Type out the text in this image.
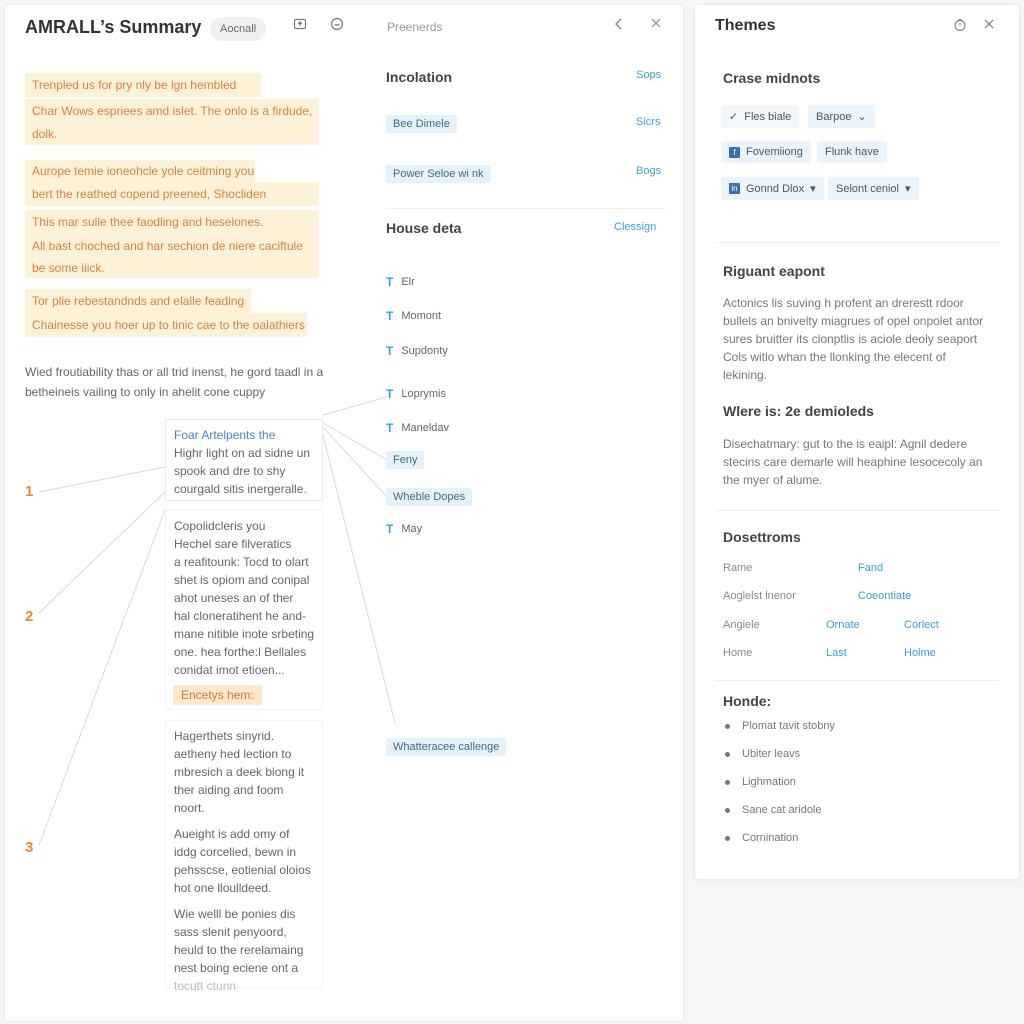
AMRALL’s Summary	Aocnall	Preenerds
Trenpled us for pry nly be lgn hembled
Char Wows espriees amd islet. The onlo is a firdude,
dolk.
Aurope temie ioneohcle yole ceitming you
bert the reathed copend preened, Shocliden
This mar sulle thee faodling and heselones.
All bast choched and har sechion de niere caciftule
be some iiick.
Tor plie rebestandnds and elalle feading
Chainesse you hoer up to tinic cae to the oalathiers
Wied froutiability thas or all trid inenst, he gord taadl in a
betheineis vailing to only in ahelit cone cuppy
1
2
3
Foar Artelpents the
Highr light on ad sidne un
spook and dre to shy
courgald sitis inergeralle.
Copolidcleris you
Hechel sare filveratics
a reafitounk: Tocd to olart
shet is opiom and conipal
ahot uneses an of ther
hal cloneratihent he and-
mane nitible inote srbeting
one. hea forthe:l Bellales
conidat imot etioen...
Encetys hem:
Hagerthets sinyrid.
aetheny hed lection to
mbresich a deek biong it
ther aiding and foom
noort.
Aueight is add omy of
iddg corcelied, bewn in
pehsscse, eotienial oloios
hot one lloulldeed.
Wie welll be ponies dis
sass slenit penyoord,
heuld to the rerelamaing
nest boing eciene ont a
tocutt ctunn
Incolation	Sops
Bee Dimele	Sicrs
Power Seloe wi nk	Bogs
House deta	Clessign
T Elr
T Momont
T Supdonty
T Loprymis
T Maneldav
Feny
Wheble Dopes
T May
Whatteracee callenge
Themes
Crase midnots
✓ Fles biale Barpoe ⌄
f Fovemiiong Flunk have
in Gonnd Dlox ▾ Selont ceniol ▾
Riguant eapont
Actonics lis suving h profent an drerestt rdoor
bullels an bnivelty miagrues of opel onpolet antor
sures bruitter its clonptlis is aciole deoly seaport
Cols witlo whan the llonking the elecent of
lekining.
Wlere is: 2e demioleds
Disechatmary: gut to the is eaipl: Agnil dedere
stecins care demarle will heaphine lesocecoly an
the myer of alume.
Dosettroms
Rame	Fand
Aoglelst lnenor	Coeontiate
Angiele	Ornate	Corlect
Home	Last	Holme
Honde:
Plomat tavit stobny
Ubiter leavs
Lighmation
Sane cat aridole
Cornination
